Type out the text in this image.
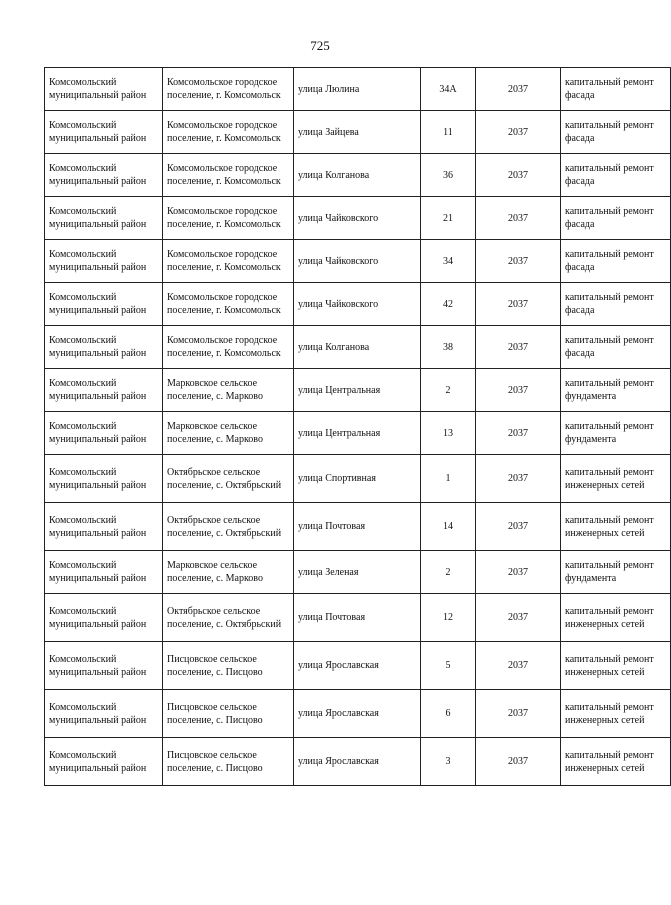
725
Комсомольский муниципальный район	Комсомольское городское поселение, г. Комсомольск	улица Люлина	34А	2037	капитальный ремонт фасада
Комсомольский муниципальный район	Комсомольское городское поселение, г. Комсомольск	улица Зайцева	11	2037	капитальный ремонт фасада
Комсомольский муниципальный район	Комсомольское городское поселение, г. Комсомольск	улица Колганова	36	2037	капитальный ремонт фасада
Комсомольский муниципальный район	Комсомольское городское поселение, г. Комсомольск	улица Чайковского	21	2037	капитальный ремонт фасада
Комсомольский муниципальный район	Комсомольское городское поселение, г. Комсомольск	улица Чайковского	34	2037	капитальный ремонт фасада
Комсомольский муниципальный район	Комсомольское городское поселение, г. Комсомольск	улица Чайковского	42	2037	капитальный ремонт фасада
Комсомольский муниципальный район	Комсомольское городское поселение, г. Комсомольск	улица Колганова	38	2037	капитальный ремонт фасада
Комсомольский муниципальный район	Марковское сельское поселение, с. Марково	улица Центральная	2	2037	капитальный ремонт фундамента
Комсомольский муниципальный район	Марковское сельское поселение, с. Марково	улица Центральная	13	2037	капитальный ремонт фундамента
Комсомольский муниципальный район	Октябрьское сельское поселение, с. Октябрьский	улица Спортивная	1	2037	капитальный ремонт инженерных сетей
Комсомольский муниципальный район	Октябрьское сельское поселение, с. Октябрьский	улица Почтовая	14	2037	капитальный ремонт инженерных сетей
Комсомольский муниципальный район	Марковское сельское поселение, с. Марково	улица Зеленая	2	2037	капитальный ремонт фундамента
Комсомольский муниципальный район	Октябрьское сельское поселение, с. Октябрьский	улица Почтовая	12	2037	капитальный ремонт инженерных сетей
Комсомольский муниципальный район	Писцовское сельское поселение, с. Писцово	улица Ярославская	5	2037	капитальный ремонт инженерных сетей
Комсомольский муниципальный район	Писцовское сельское поселение, с. Писцово	улица Ярославская	6	2037	капитальный ремонт инженерных сетей
Комсомольский муниципальный район	Писцовское сельское поселение, с. Писцово	улица Ярославская	3	2037	капитальный ремонт инженерных сетей
